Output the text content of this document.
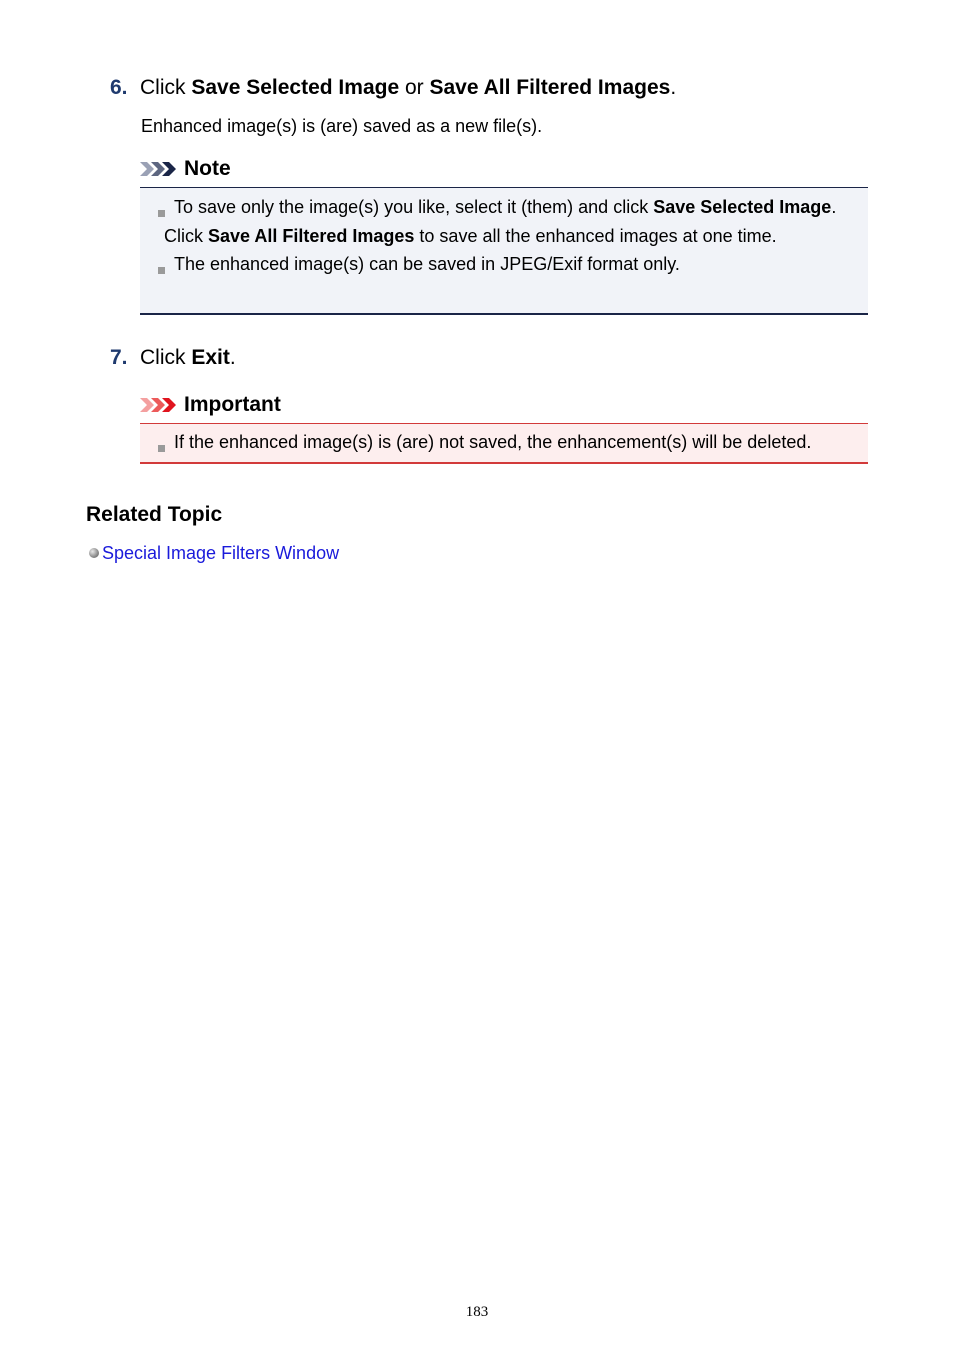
6. Click Save Selected Image or Save All Filtered Images.
Enhanced image(s) is (are) saved as a new file(s).
Note
To save only the image(s) you like, select it (them) and click Save Selected Image. Click Save All Filtered Images to save all the enhanced images at one time.
The enhanced image(s) can be saved in JPEG/Exif format only.
7. Click Exit.
Important
If the enhanced image(s) is (are) not saved, the enhancement(s) will be deleted.
Related Topic
Special Image Filters Window
183
